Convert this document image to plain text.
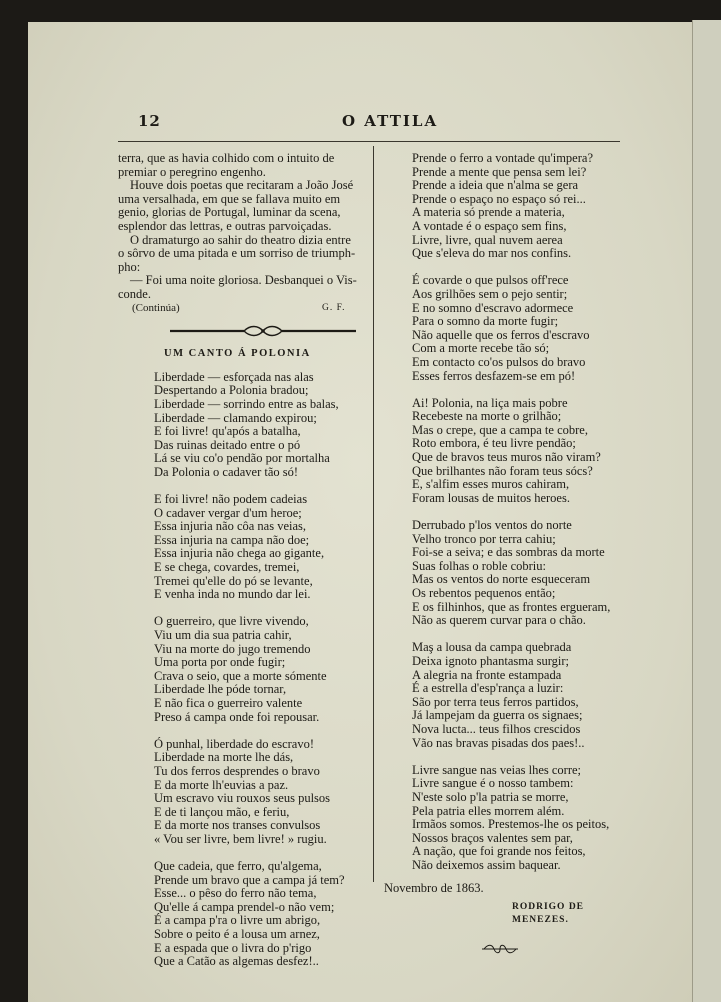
12	O ATTILA
terra, que as havia colhido com o intuito de
premiar o peregrino engenho.
Houve dois poetas que recitaram a João José
uma versalhada, em que se fallava muito em
genio, glorias de Portugal, luminar da scena,
esplendor das lettras, e outras parvoiçadas.
O dramaturgo ao sahir do theatro dizia entre
o sôrvo de uma pitada e um sorriso de triumph-
pho:
— Foi uma noite gloriosa. Desbanquei o Vis-
conde.
(Continúa)	G. F.
UM CANTO Á POLONIA
Liberdade — esforçada nas alas
Despertando a Polonia bradou;
Liberdade — sorrindo entre as balas,
Liberdade — clamando expirou;
E foi livre! qu'após a batalha,
Das ruinas deitado entre o pó
Lá se viu co'o pendão por mortalha
Da Polonia o cadaver tão só!
E foi livre! não podem cadeias
O cadaver vergar d'um heroe;
Essa injuria não côa nas veias,
Essa injuria na campa não doe;
Essa injuria não chega ao gigante,
E se chega, covardes, tremei,
Tremei qu'elle do pó se levante,
E venha inda no mundo dar lei.
O guerreiro, que livre vivendo,
Viu um dia sua patria cahir,
Viu na morte do jugo tremendo
Uma porta por onde fugir;
Crava o seio, que a morte sómente
Liberdade lhe póde tornar,
E não fica o guerreiro valente
Preso á campa onde foi repousar.
Ó punhal, liberdade do escravo!
Liberdade na morte lhe dás,
Tu dos ferros desprendes o bravo
E da morte lh'euvias a paz.
Um escravo viu rouxos seus pulsos
E de ti lançou mão, e feriu,
E da morte nos transes convulsos
« Vou ser livre, bem livre! » rugiu.
Que cadeia, que ferro, qu'algema,
Prende um bravo que a campa já tem?
Esse... o pêso do ferro não tema,
Qu'elle á campa prendel-o não vem;
É a campa p'ra o livre um abrigo,
Sobre o peito é a lousa um arnez,
E a espada que o livra do p'rigo
Que a Catão as algemas desfez!..
Prende o ferro a vontade qu'impera?
Prende a mente que pensa sem lei?
Prende a ideia que n'alma se gera
Prende o espaço no espaço só rei...
A materia só prende a materia,
A vontade é o espaço sem fins,
Livre, livre, qual nuvem aerea
Que s'eleva do mar nos confins.
É covarde o que pulsos off'rece
Aos grilhões sem o pejo sentir;
E no somno d'escravo adormece
Para o somno da morte fugir;
Não aquelle que os ferros d'escravo
Com a morte recebe tão só;
Em contacto co'os pulsos do bravo
Esses ferros desfazem-se em pó!
Ai! Polonia, na liça mais pobre
Recebeste na morte o grilhão;
Mas o crepe, que a campa te cobre,
Roto embora, é teu livre pendão;
Que de bravos teus muros não viram?
Que brilhantes não foram teus sócs?
E, s'alfim esses muros cahiram,
Foram lousas de muitos heroes.
Derrubado p'los ventos do norte
Velho tronco por terra cahiu;
Foi-se a seiva; e das sombras da morte
Suas folhas o roble cobriu:
Mas os ventos do norte esqueceram
Os rebentos pequenos então;
E os filhinhos, que as frontes ergueram,
Não as querem curvar para o chão.
Maş a lousa da campa quebrada
Deixa ignoto phantasma surgir;
A alegria na fronte estampada
É a estrella d'esp'rança a luzir:
São por terra teus ferros partidos,
Já lampejam da guerra os signaes;
Nova lucta... teus filhos crescidos
Vão nas bravas pisadas dos paes!..
Livre sangue nas veias lhes corre;
Livre sangue é o nosso tambem:
N'este solo p'la patria se morre,
Pela patria elles morrem além.
Irmãos somos. Prestemos-lhe os peitos,
Nossos braços valentes sem par,
A nação, que foi grande nos feitos,
Não deixemos assim baquear.
Novembro de 1863.
RODRIGO DE MENEZES.
